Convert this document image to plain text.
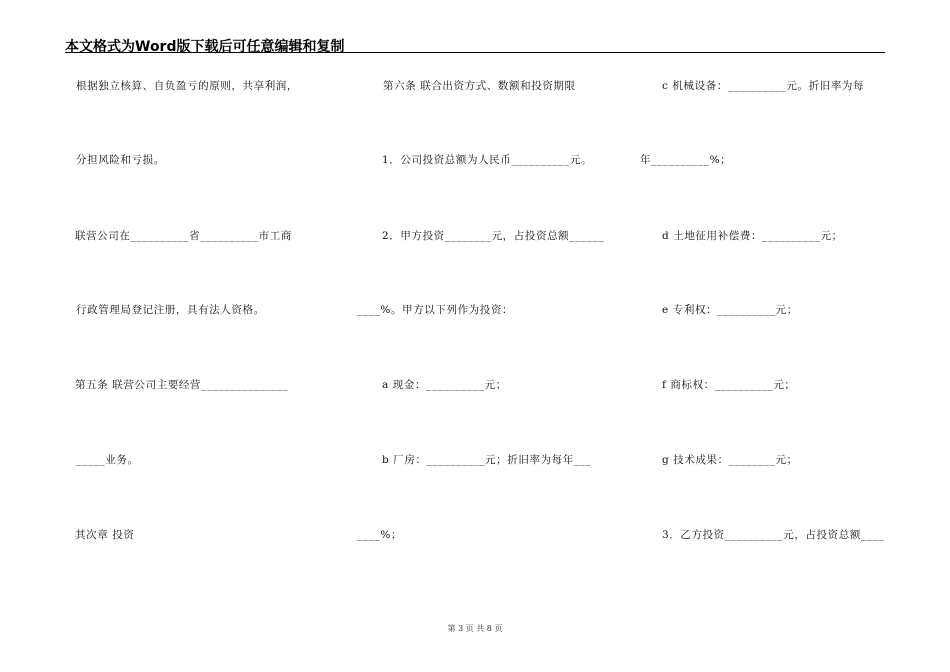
本文格式为Word版下载后可任意编辑和复制
根据独立核算、自负盈亏的原则，共享利润，
分担风险和亏损。
联营公司在__________省__________市工商
行政管理局登记注册，具有法人资格。
第五条 联营公司主要经营_______________
_____业务。
其次章 投资
第六条 联合出资方式、数额和投资期限
1．公司投资总额为人民币__________元。
2．甲方投资________元，占投资总额______
____%。甲方以下列作为投资：
a 现金：__________元；
b 厂房：__________元；折旧率为每年___
____%；
c 机械设备：__________元。折旧率为每
年__________%；
d 土地征用补偿费：__________元；
e 专利权：__________元；
f 商标权：__________元；
g 技术成果：________元；
3．乙方投资__________元，占投资总额____
第 3 页 共 8 页
